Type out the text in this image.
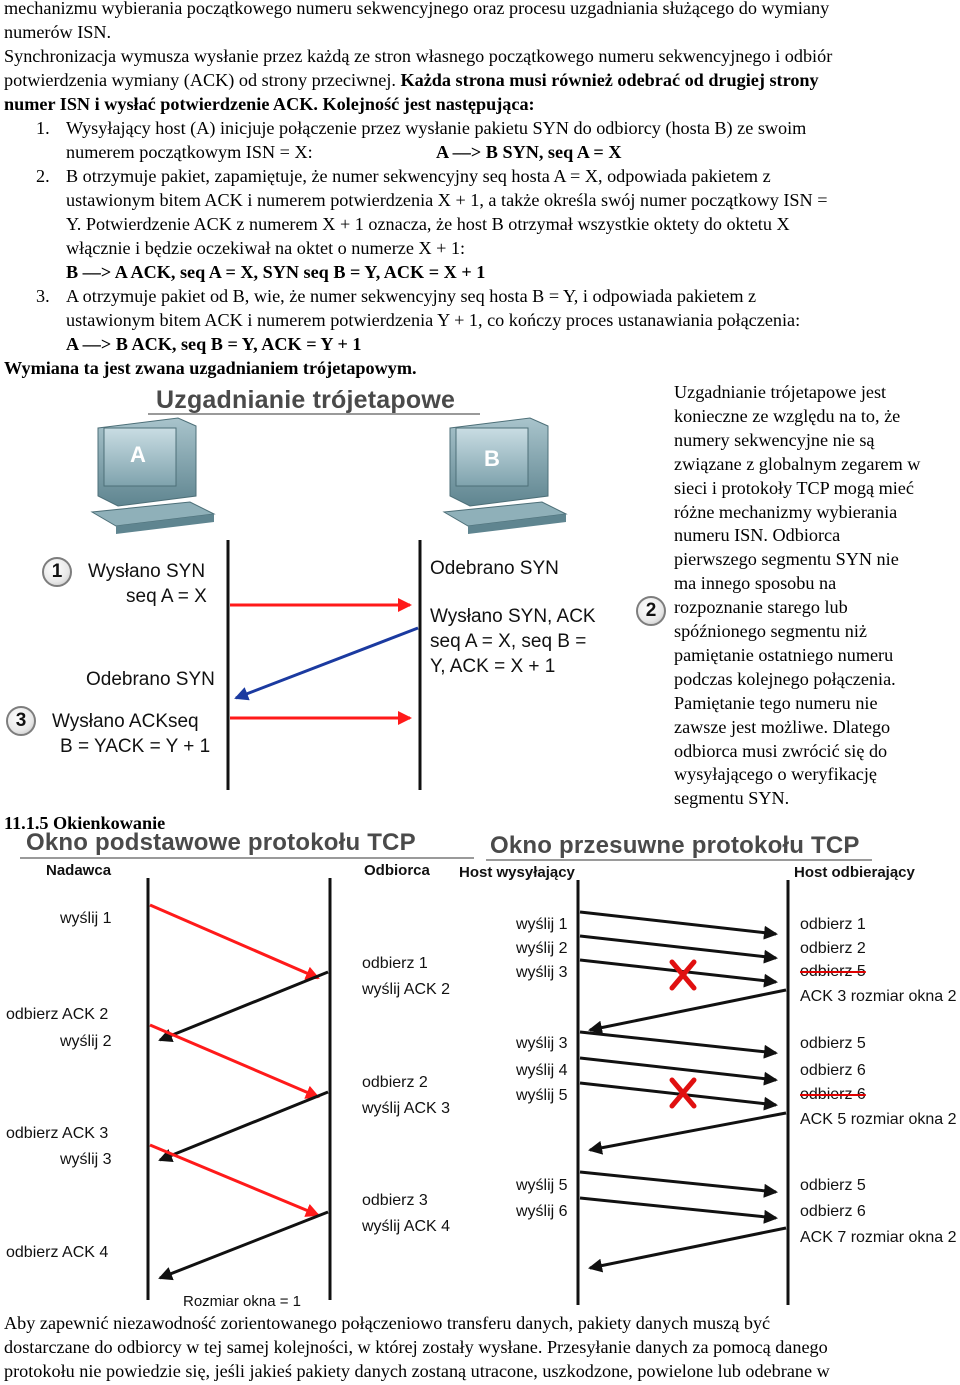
mechanizmu wybierania początkowego numeru sekwencyjnego oraz procesu uzgadniania służącego do wymiany
numerów ISN.
Synchronizacja wymusza wysłanie przez każdą ze stron własnego początkowego numeru sekwencyjnego i odbiór
potwierdzenia wymiany (ACK) od strony przeciwnej. Każda strona musi również odebrać od drugiej strony
numer ISN i wysłać potwierdzenie ACK. Kolejność jest następująca:
1. Wysyłający host (A) inicjuje połączenie przez wysłanie pakietu SYN do odbiorcy (hosta B) ze swoim
numerem początkowym ISN = X:	A ––> B SYN, seq A = X
2. B otrzymuje pakiet, zapamiętuje, że numer sekwencyjny seq hosta A = X, odpowiada pakietem z
ustawionym bitem ACK i numerem potwierdzenia X + 1, a także określa swój numer początkowy ISN =
Y. Potwierdzenie ACK z numerem X + 1 oznacza, że host B otrzymał wszystkie oktety do oktetu X
włącznie i będzie oczekiwał na oktet o numerze X + 1:
B ––> A ACK, seq A = X, SYN seq B = Y, ACK = X + 1
3. A otrzymuje pakiet od B, wie, że numer sekwencyjny seq hosta B = Y, i odpowiada pakietem z
ustawionym bitem ACK i numerem potwierdzenia Y + 1, co kończy proces ustanawiania połączenia:
A ––> B ACK, seq B = Y, ACK = Y + 1
Wymiana ta jest zwana uzgadnianiem trójetapowym.
Uzgadnianie trójetapowe
A	B
1	Wysłano SYN
seq A = X
Odebrano SYN
2
Wysłano SYN, ACK
seq A = X, seq B =
Y, ACK = X + 1
Odebrano SYN
3	Wysłano ACKseq
B = YACK = Y + 1
Uzgadnianie trójetapowe jest
konieczne ze względu na to, że
numery sekwencyjne nie są
związane z globalnym zegarem w
sieci i protokoły TCP mogą mieć
różne mechanizmy wybierania
numeru ISN. Odbiorca
pierwszego segmentu SYN nie
ma innego sposobu na
rozpoznanie starego lub
spóźnionego segmentu niż
pamiętanie ostatniego numeru
podczas kolejnego połączenia.
Pamiętanie tego numeru nie
zawsze jest możliwe. Dlatego
odbiorca musi zwrócić się do
wysyłającego o weryfikację
segmentu SYN.
11.1.5 Okienkowanie
Okno podstawowe protokołu TCP	Okno przesuwne protokołu TCP
Nadawca	Odbiorca Host wysyłający	Host odbierający
wyślij 1
odbierz ACK 2
wyślij 2
odbierz ACK 3
wyślij 3
odbierz ACK 4
odbierz 1
wyślij ACK 2
odbierz 2
wyślij ACK 3
odbierz 3
wyślij ACK 4
Rozmiar okna = 1
wyślij 1
wyślij 2
wyślij 3
wyślij 3
wyślij 4
wyślij 5
wyślij 5
wyślij 6
odbierz 1
odbierz 2
odbierz 5
ACK 3 rozmiar okna 2
odbierz 5
odbierz 6
odbierz 6
ACK 5 rozmiar okna 2
odbierz 5
odbierz 6
ACK 7 rozmiar okna 2
Aby zapewnić niezawodność zorientowanego połączeniowo transferu danych, pakiety danych muszą być
dostarczane do odbiorcy w tej samej kolejności, w której zostały wysłane. Przesyłanie danych za pomocą danego
protokołu nie powiedzie się, jeśli jakieś pakiety danych zostaną utracone, uszkodzone, powielone lub odebrane w
